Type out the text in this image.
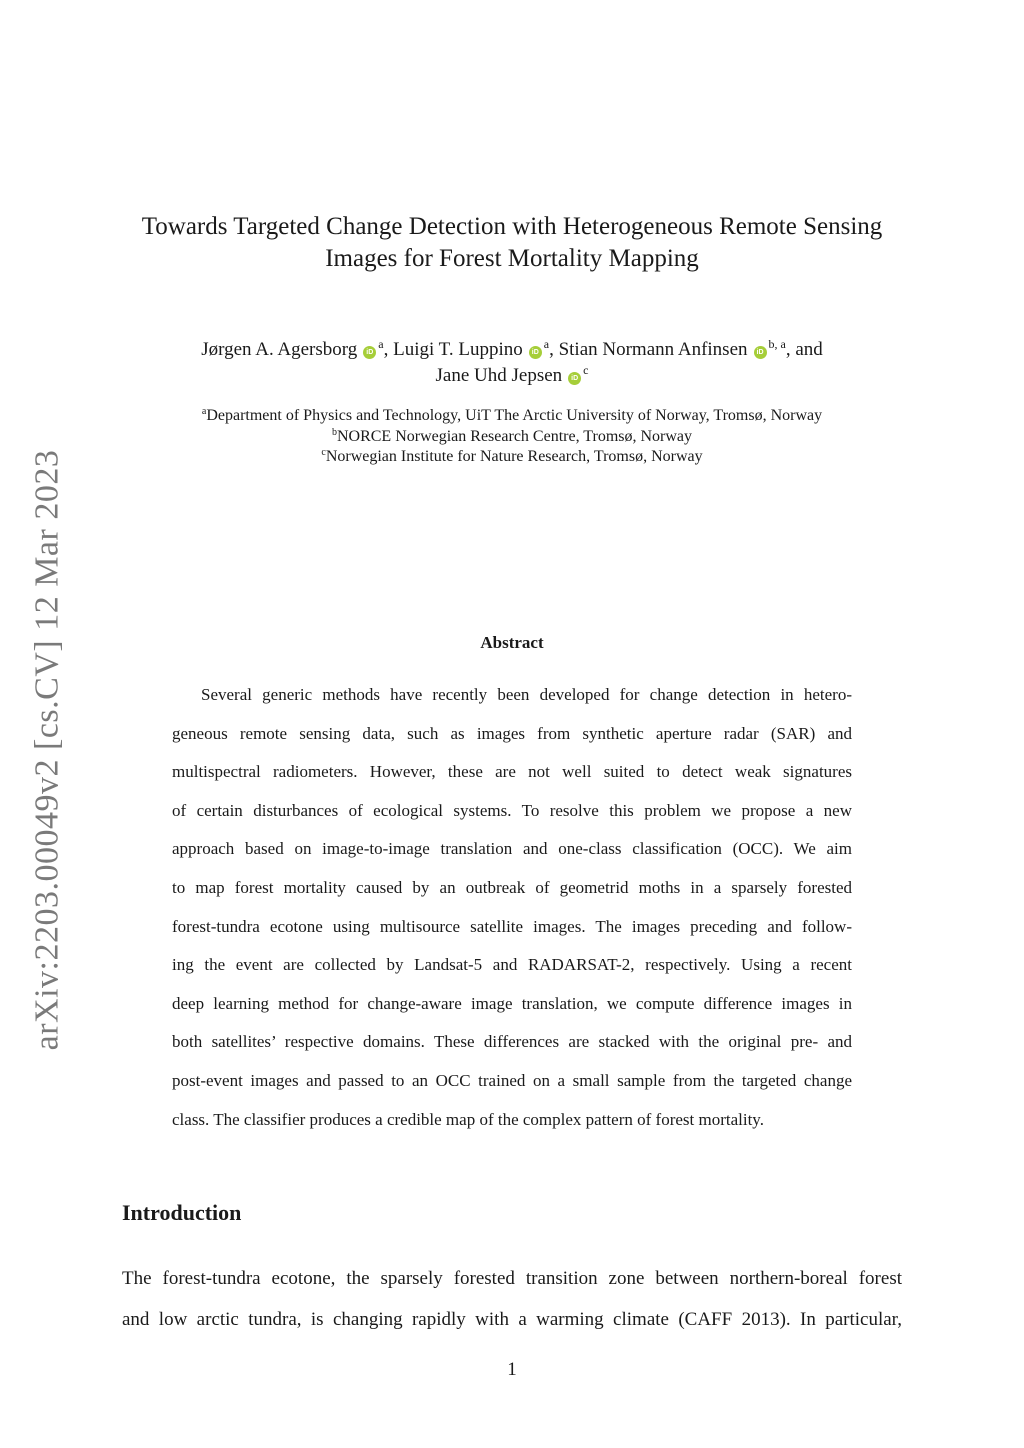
arXiv:2203.00049v2 [cs.CV] 12 Mar 2023
Towards Targeted Change Detection with Heterogeneous Remote Sensing
Images for Forest Mortality Mapping
Jørgen A. Agersborg $iD^a$, Luigi T. Luppino $iD^a$, Stian Normann Anfinsen iD$^{b, a}$, and
Jane Uhd Jepsen $iD^c$
$^a$Department of Physics and Technology, UiT The Arctic University of Norway, Tromsø, Norway
$^b$NORCE Norwegian Research Centre, Tromsø, Norway
$^c$Norwegian Institute for Nature Research, Tromsø, Norway
Abstract
Several generic methods have recently been developed for change detection in hetero-
geneous remote sensing data, such as images from synthetic aperture radar (SAR) and
multispectral radiometers. However, these are not well suited to detect weak signatures
of certain disturbances of ecological systems. To resolve this problem we propose a new
approach based on image-to-image translation and one-class classification (OCC). We aim
to map forest mortality caused by an outbreak of geometrid moths in a sparsely forested
forest-tundra ecotone using multisource satellite images. The images preceding and follow-
ing the event are collected by Landsat-5 and RADARSAT-2, respectively. Using a recent
deep learning method for change-aware image translation, we compute difference images in
both satellites’ respective domains. These differences are stacked with the original pre- and
post-event images and passed to an OCC trained on a small sample from the targeted change
class. The classifier produces a credible map of the complex pattern of forest mortality.
Introduction
The forest-tundra ecotone, the sparsely forested transition zone between northern-boreal forest
and low arctic tundra, is changing rapidly with a warming climate (CAFF 2013). In particular,
1
